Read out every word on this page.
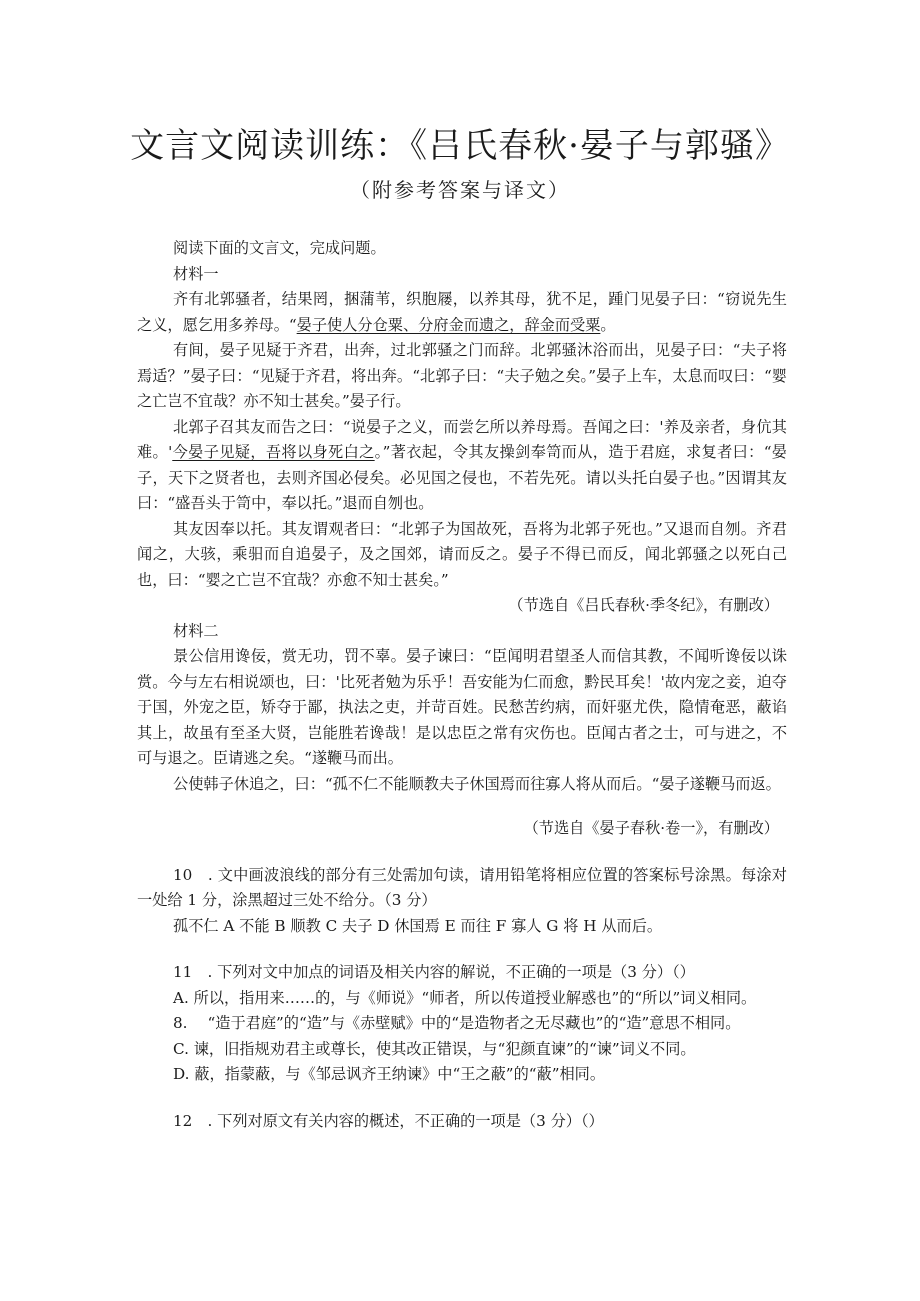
文言文阅读训练：《吕氏春秋·晏子与郭骚》
（附参考答案与译文）

阅读下面的文言文，完成问题。

材料一

齐有北郭骚者，结果罔，捆蒲苇，织胞屦，以养其母，犹不足，踵门见晏子曰：“窃说先生之义，愿乞用多养母。“晏子使人分仓粟、分府金而遗之，辞金而受粟。

有间，晏子见疑于齐君，出奔，过北郭骚之门而辞。北郭骚沐浴而出，见晏子曰：“夫子将焉适？”晏子曰：“见疑于齐君，将出奔。“北郭子曰：“夫子勉之矣。”晏子上车，太息而叹曰：“婴之亡岂不宜哉？亦不知士甚矣。”晏子行。

北郭子召其友而告之曰：“说晏子之义，而尝乞所以养母焉。吾闻之曰：'养及亲者，身伉其难。'今晏子见疑，吾将以身死白之。”著衣起，令其友操剑奉笥而从，造于君庭，求复者曰：“晏子，天下之贤者也，去则齐国必侵矣。必见国之侵也，不若先死。请以头托白晏子也。”因谓其友曰：“盛吾头于笥中，奉以托。”退而自刎也。

其友因奉以托。其友谓观者曰：“北郭子为国故死，吾将为北郭子死也。”又退而自刎。齐君闻之，大骇，乘驲而自追晏子，及之国郊，请而反之。晏子不得已而反，闻北郭骚之以死白己也，曰：“婴之亡岂不宜哉？亦愈不知士甚矣。”

（节选自《吕氏春秋·季冬纪》，有删改）

材料二

景公信用谗佞，赏无功，罚不辜。晏子谏曰：“臣闻明君望圣人而信其教，不闻听谗佞以诛赏。今与左右相说颂也，曰：'比死者勉为乐乎！吾安能为仁而愈，黔民耳矣！'故内宠之妾，迫夺于国，外宠之臣，矫夺于鄙，执法之吏，并苛百姓。民愁苦约病，而奸驱尤佚，隐情奄恶，蔽谄其上，故虽有至圣大贤，岂能胜若谗哉！是以忠臣之常有灾伤也。臣闻古者之士，可与进之，不可与退之。臣请逃之矣。“遂鞭马而出。

公使韩子休追之，曰：“孤不仁不能顺教夫子休国焉而往寡人将从而后。“晏子遂鞭马而返。

（节选自《晏子春秋·卷一》，有删改）

10　. 文中画波浪线的部分有三处需加句读，请用铅笔将相应位置的答案标号涂黑。每涂对一处给 1 分，涂黑超过三处不给分。（3 分）

孤不仁 A 不能 B 顺教 C 夫子 D 休国焉 E 而往 F 寡人 G 将 H 从而后。

11　. 下列对文中加点的词语及相关内容的解说，不正确的一项是（3 分）（）

A. 所以，指用来……的，与《师说》“师者，所以传道授业解惑也”的“所以”词义相同。

8.　 “造于君庭”的“造”与《赤壁赋》中的“是造物者之无尽藏也”的“造”意思不相同。

C. 谏，旧指规劝君主或尊长，使其改正错误，与“犯颜直谏”的“谏”词义不同。

D. 蔽，指蒙蔽，与《邹忌讽齐王纳谏》中“王之蔽”的“蔽”相同。

12　. 下列对原文有关内容的概述，不正确的一项是（3 分）（）
